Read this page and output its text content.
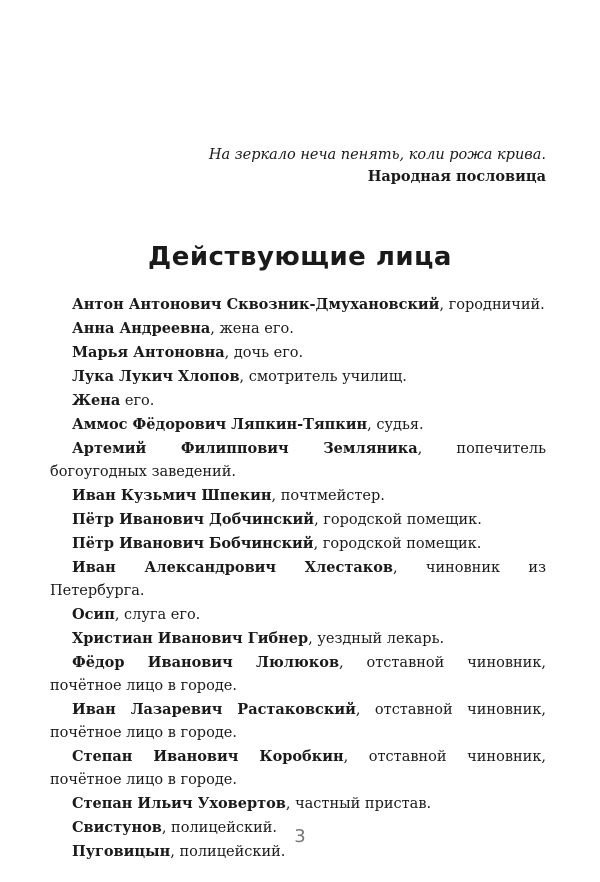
На зеркало неча пенять, коли рожа крива.
Народная пословица
Действующие лица
Антон Антонович Сквозник-Дмухановский, городничий.
Анна Андреевна, жена его.
Марья Антоновна, дочь его.
Лука Лукич Хлопов, смотритель училищ.
Жена его.
Аммос Фёдорович Ляпкин-Тяпкин, судья.
Артемий Филиппович Земляника, попечитель богоугодных заведений.
Иван Кузьмич Шпекин, почтмейстер.
Пётр Иванович Добчинский, городской помещик.
Пётр Иванович Бобчинский, городской помещик.
Иван Александрович Хлестаков, чиновник из Петербурга.
Осип, слуга его.
Христиан Иванович Гибнер, уездный лекарь.
Фёдор Иванович Люлюков, отставной чиновник, почётное лицо в городе.
Иван Лазаревич Растаковский, отставной чиновник, почётное лицо в городе.
Степан Иванович Коробкин, отставной чиновник, почётное лицо в городе.
Степан Ильич Уховертов, частный пристав.
Свистунов, полицейский.
Пуговицын, полицейский.
3
